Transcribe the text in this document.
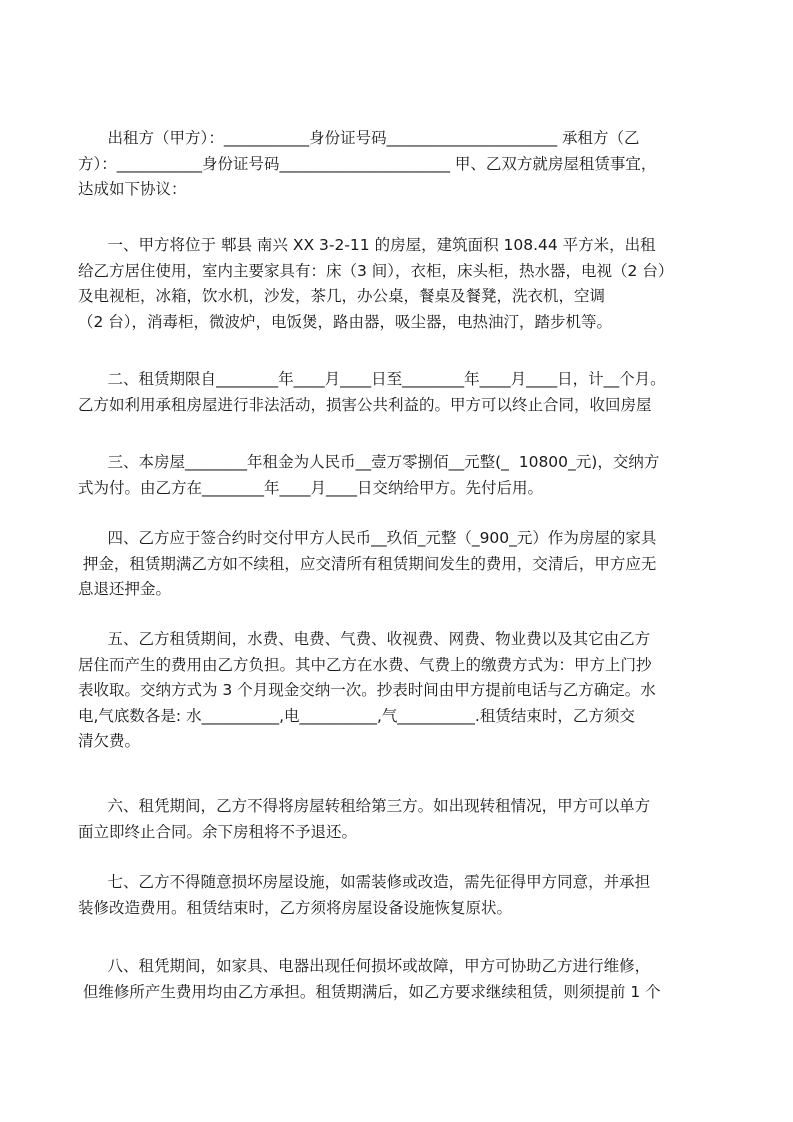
出租方（甲方）：___________身份证号码______________________ 承租方（乙
方）：___________身份证号码______________________ 甲、乙双方就房屋租赁事宜，
达成如下协议：

一、甲方将位于 郫县 南兴 XX 3-2-11 的房屋，建筑面积 108.44 平方米，出租
给乙方居住使用，室内主要家具有：床（3 间），衣柜，床头柜，热水器，电视（2 台）
及电视柜，冰箱，饮水机，沙发，茶几，办公桌，餐桌及餐凳，洗衣机，空调
（2 台），消毒柜，微波炉，电饭煲，路由器，吸尘器，电热油汀，踏步机等。

二、租赁期限自________年____月____日至________年____月____日，计__个月。
乙方如利用承租房屋进行非法活动，损害公共利益的。甲方可以终止合同，收回房屋

三、本房屋________年租金为人民币__壹万零捌佰__元整(_  10800_元)，交纳方
式为付。由乙方在________年____月____日交纳给甲方。先付后用。

四、乙方应于签合约时交付甲方人民币__玖佰_元整（_900_元）作为房屋的家具
押金，租赁期满乙方如不续租，应交清所有租赁期间发生的费用，交清后，甲方应无
息退还押金。

五、乙方租赁期间，水费、电费、气费、收视费、网费、物业费以及其它由乙方
居住而产生的费用由乙方负担。其中乙方在水费、气费上的缴费方式为：甲方上门抄
表收取。交纳方式为 3 个月现金交纳一次。抄表时间由甲方提前电话与乙方确定。水
电,气底数各是: 水__________,电__________,气__________.租赁结束时，乙方须交
清欠费。

六、租凭期间，乙方不得将房屋转租给第三方。如出现转租情况，甲方可以单方
面立即终止合同。余下房租将不予退还。

七、乙方不得随意损坏房屋设施，如需装修或改造，需先征得甲方同意，并承担
装修改造费用。租赁结束时，乙方须将房屋设备设施恢复原状。

八、租凭期间，如家具、电器出现任何损坏或故障，甲方可协助乙方进行维修，
但维修所产生费用均由乙方承担。租赁期满后，如乙方要求继续租赁，则须提前 1 个
